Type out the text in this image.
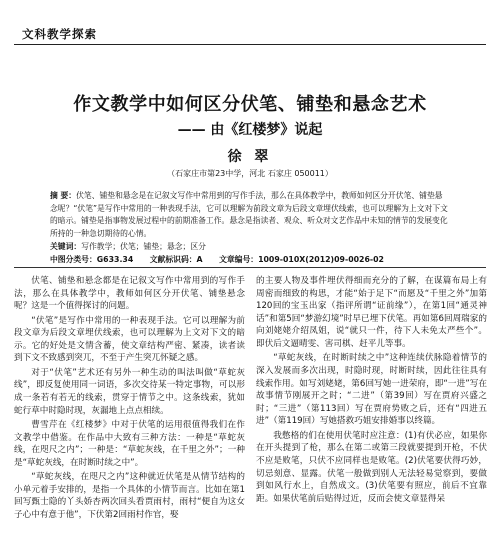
文科教学探索
作文教学中如何区分伏笔、铺垫和悬念艺术
—— 由《红楼梦》说起
徐 翠
（石家庄市第23中学，河北 石家庄 050011）
摘 要：伏笔、铺垫和悬念是在记叙文写作中常用到的写作手法，那么在具体教学中，教师如何区分开伏笔、铺垫悬念呢？“伏笔”是写作中常用的一种表现手法，它可以理解为前段文章为后段文章埋伏线索，也可以理解为上文对下文的暗示。铺垫是指事物发展过程中的前期准备工作。悬念是指读者、观众、听众对文艺作品中未知的情节的发展变化所持的一种急切期待的心情。
关键词：写作教学；伏笔；铺垫；悬念；区分
中图分类号：G633.34 文献标识码：A 文章编号：1009-010X(2012)09-0026-02

伏笔、铺垫和悬念都是在记叙文写作中常用到的写作手法，那么在具体教学中，教师如何区分开伏笔、铺垫悬念呢？这是一个值得探讨的问题。

“伏笔”是写作中常用的一种表现手法。它可以理解为前段文章为后段文章埋伏线索，也可以理解为上文对下文的暗示。它的好处是文情含蓄，使文章结构严密、紧凑，读者读到下文不致感到突兀，不至于产生突兀怀疑之感。

对于“伏笔”艺术还有另外一种生动的叫法叫做“草蛇灰线”，即反复使用同一词语，多次交待某一特定事物，可以形成一条若有若无的线索，贯穿于情节之中。这条线索，犹如蛇行草中时隐时现，灰漏地上点点相续。

曹雪芹在《红楼梦》中对于伏笔的运用很值得我们在作文教学中借鉴。在作品中大致有三种方法：一种是“草蛇灰线，在咫尺之内”；一种是：“草蛇灰线，在千里之外”；一种是“草蛇灰线，在时断时续之中”。

“草蛇灰线，在咫尺之内”这种就近伏笔是从情节结构的小单元着手安排的，是指一个具体的小情节而言。比如在第1回写甄士隐的丫头娇杏两次回头看贾雨村，雨村“便自为这女子心中有意于他”，下伏第2回雨村作官，娶

的主要人物及事件埋伏得细而充分的了解，在谋篇布局上有周密而细致的构思，才能“始于足下“而愿及“千里之外”加第120回的宝玉出家（指评所谓“证前缘”），在第1回“通灵神话”和第5回“梦游幻境”时早已埋下伏笔。再如第6回周瑞家的向刘姥姥介绍凤姐，说“就只一件，待下人未免太严些个”。即伏后文逼晴雯、害司棋、赶平儿等事。

“草蛇灰线，在时断时续之中”这种连续伏脉隐着情节的深入发展而多次出现，时隐时现，时断时续，因此往往具有线索作用。如写刘姥姥，第6回写她一进荣府，即“一进”写在故事情节刚展开之时；“二进”（第39回）写在贾府兴盛之时；“三进”（第113回）写在贾府势败之后，还有“四进五进”（第119回）写她搭救巧姐安排婚事以终篇。

我憋格的们在使用伏笔时应注意：(1)有伏必应，如果你在开头提到了枪，那么在第二或第三段就要提到开枪，不伏不应是败笔，只伏不应同样也是败笔。(2)伏笔要伏得巧妙，切忌刻意、显露。伏笔一般做到别人无法轻易觉察到，要做到如风行水上，自然成文。(3)伏笔要有照应，前后不宜靠距。如果伏笔前后贴得过近，反而会使文章显得呆
